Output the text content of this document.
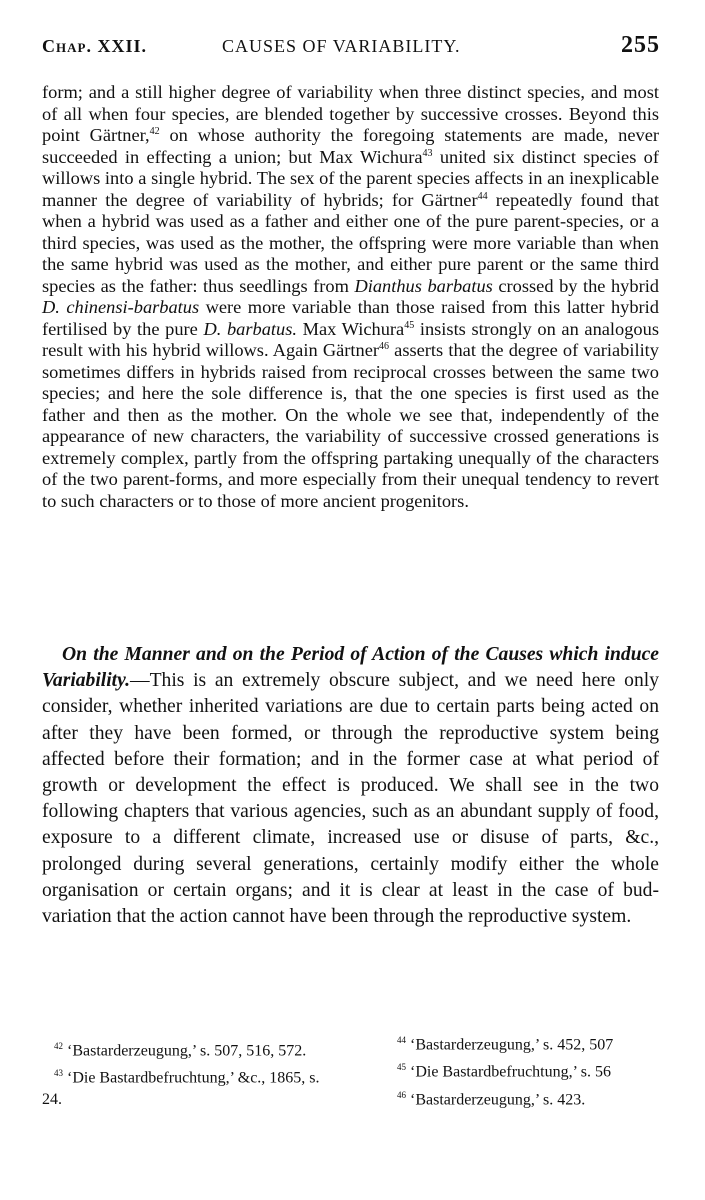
Chap. XXII.	CAUSES OF VARIABILITY.	255

form; and a still higher degree of variability when three distinct species, and most of all when four species, are blended together by successive crosses. Beyond this point Gärtner,$^{42}$ on whose authority the foregoing statements are made, never succeeded in effecting a union; but Max Wichura$^{43}$ united six distinct species of willows into a single hybrid. The sex of the parent species affects in an inexplicable manner the degree of variability of hybrids; for Gärtner$^{44}$ repeatedly found that when a hybrid was used as a father and either one of the pure parent-species, or a third species, was used as the mother, the offspring were more variable than when the same hybrid was used as the mother, and either pure parent or the same third species as the father: thus seedlings from Dianthus barbatus crossed by the hybrid D. chinensi-barbatus were more variable than those raised from this latter hybrid fertilised by the pure D. barbatus. Max Wichura$^{45}$ insists strongly on an analogous result with his hybrid willows. Again Gärtner$^{46}$ asserts that the degree of variability sometimes differs in hybrids raised from reciprocal crosses between the same two species; and here the sole difference is, that the one species is first used as the father and then as the mother. On the whole we see that, independently of the appearance of new characters, the variability of successive crossed generations is extremely complex, partly from the offspring partaking unequally of the characters of the two parent-forms, and more especially from their unequal tendency to revert to such characters or to those of more ancient progenitors.

On the Manner and on the Period of Action of the Causes which induce Variability.—This is an extremely obscure subject, and we need here only consider, whether inherited variations are due to certain parts being acted on after they have been formed, or through the reproductive system being affected before their formation; and in the former case at what period of growth or development the effect is produced. We shall see in the two following chapters that various agencies, such as an abundant supply of food, exposure to a different climate, increased use or disuse of parts, &c., prolonged during several generations, certainly modify either the whole organisation or certain organs; and it is clear at least in the case of bud-variation that the action cannot have been through the reproductive system.

$^{42}$ ‘Bastarderzeugung,’ s. 507, 516, 572.

$^{43}$ ‘Die Bastardbefruchtung,’ &c., 1865, s. 24.

$^{44}$ ‘Bastarderzeugung,’ s. 452, 507

$^{45}$ ‘Die Bastardbefruchtung,’ s. 56

$^{46}$ ‘Bastarderzeugung,’ s. 423.
